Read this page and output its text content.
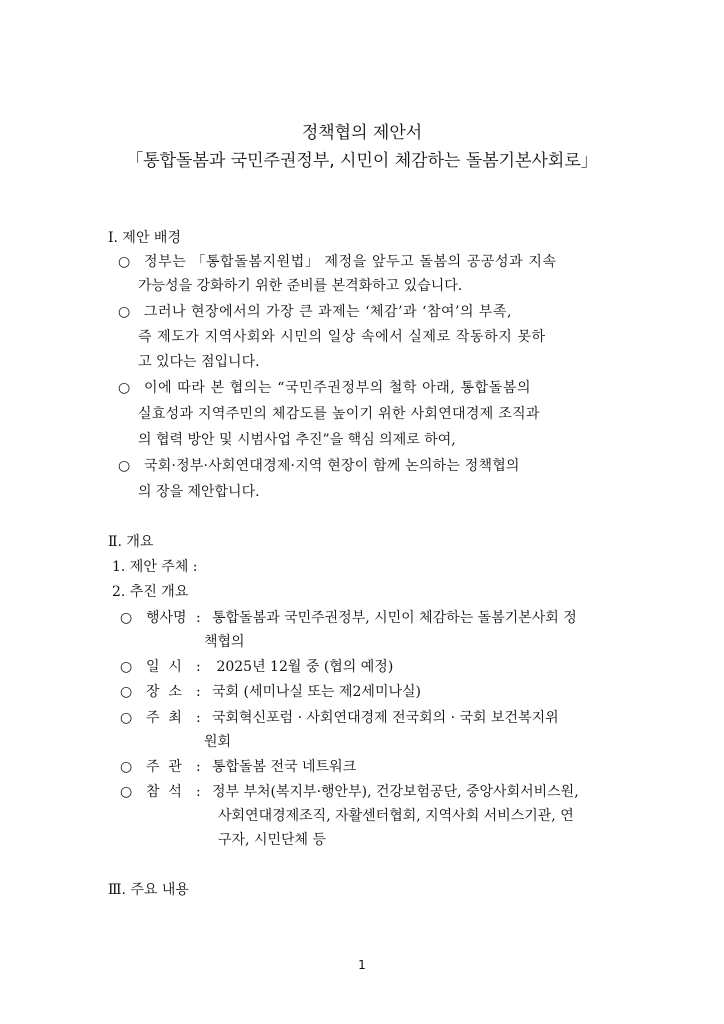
정책협의 제안서
「통합돌봄과 국민주권정부, 시민이 체감하는 돌봄기본사회로」
Ⅰ. 제안 배경
○ 정부는 「통합돌봄지원법」 제정을 앞두고 돌봄의 공공성과 지속
가능성을 강화하기 위한 준비를 본격화하고 있습니다.
○ 그러나 현장에서의 가장 큰 과제는 ‘체감’과 ‘참여’의 부족,
즉 제도가 지역사회와 시민의 일상 속에서 실제로 작동하지 못하
고 있다는 점입니다.
○ 이에 따라 본 협의는 “국민주권정부의 철학 아래, 통합돌봄의
실효성과 지역주민의 체감도를 높이기 위한 사회연대경제 조직과
의 협력 방안 및 시범사업 추진”을 핵심 의제로 하여,
○ 국회·정부·사회연대경제·지역 현장이 함께 논의하는 정책협의
의 장을 제안합니다.
Ⅱ. 개요
1. 제안 주체 :
2. 추진 개요
○ 행사명 : 통합돌봄과 국민주권정부, 시민이 체감하는 돌봄기본사회 정
책협의
○ 일  시 : 2025년 12월 중 (협의 예정)
○ 장  소 : 국회 (세미나실 또는 제2세미나실)
○ 주  최 : 국회혁신포럼 · 사회연대경제 전국회의 · 국회 보건복지위
원회
○ 주  관 : 통합돌봄 전국 네트워크
○ 참  석 : 정부 부처(복지부·행안부), 건강보험공단, 중앙사회서비스원,
사회연대경제조직, 자활센터협회, 지역사회 서비스기관, 연
구자, 시민단체 등
Ⅲ. 주요 내용
1
